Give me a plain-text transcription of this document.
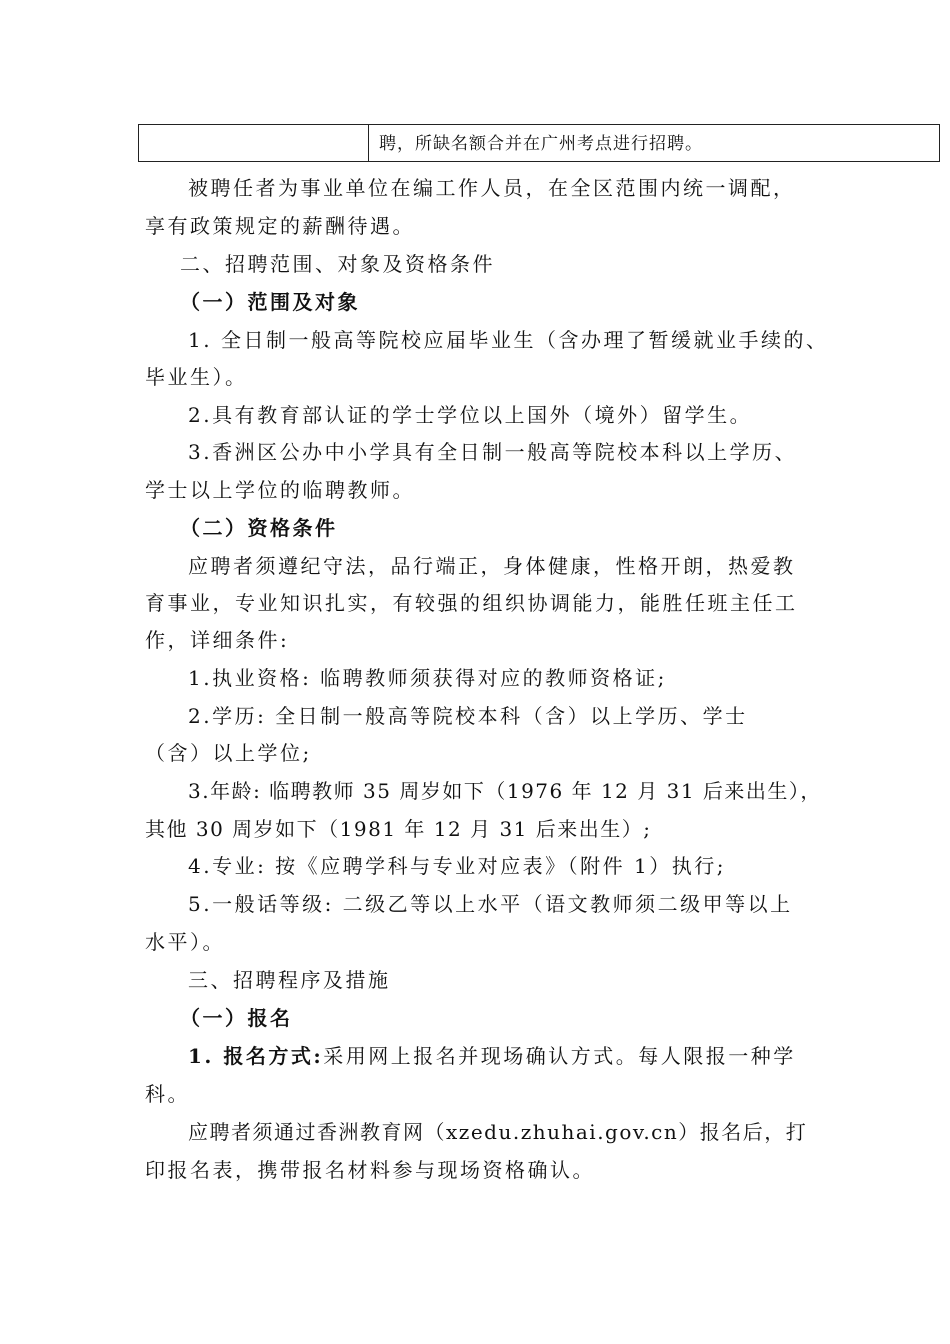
聘，所缺名额合并在广州考点进行招聘。
被聘任者为事业单位在编工作人员，在全区范围内统一调配，
享有政策规定的薪酬待遇。
二、招聘范围、对象及资格条件
（一）范围及对象
1. 全日制一般高等院校应届毕业生（含办理了暂缓就业手续的、
毕业生）。
2.具有教育部认证的学士学位以上国外（境外）留学生。
3.香洲区公办中小学具有全日制一般高等院校本科以上学历、
学士以上学位的临聘教师。
（二）资格条件
应聘者须遵纪守法，品行端正，身体健康，性格开朗，热爱教
育事业，专业知识扎实，有较强的组织协调能力，能胜任班主任工
作，详细条件:
1.执业资格: 临聘教师须获得对应的教师资格证;
2.学历: 全日制一般高等院校本科（含）以上学历、学士
（含）以上学位;
3.年龄: 临聘教师 35 周岁如下（1976 年 12 月 31 后来出生），
其他 30 周岁如下（1981 年 12 月 31 后来出生）;
4.专业: 按《应聘学科与专业对应表》（附件 1）执行;
5.一般话等级: 二级乙等以上水平（语文教师须二级甲等以上
水平）。
三、招聘程序及措施
（一）报名
1. 报名方式:采用网上报名并现场确认方式。每人限报一种学
科。
应聘者须通过香洲教育网（xzedu.zhuhai.gov.cn）报名后，打
印报名表，携带报名材料参与现场资格确认。
